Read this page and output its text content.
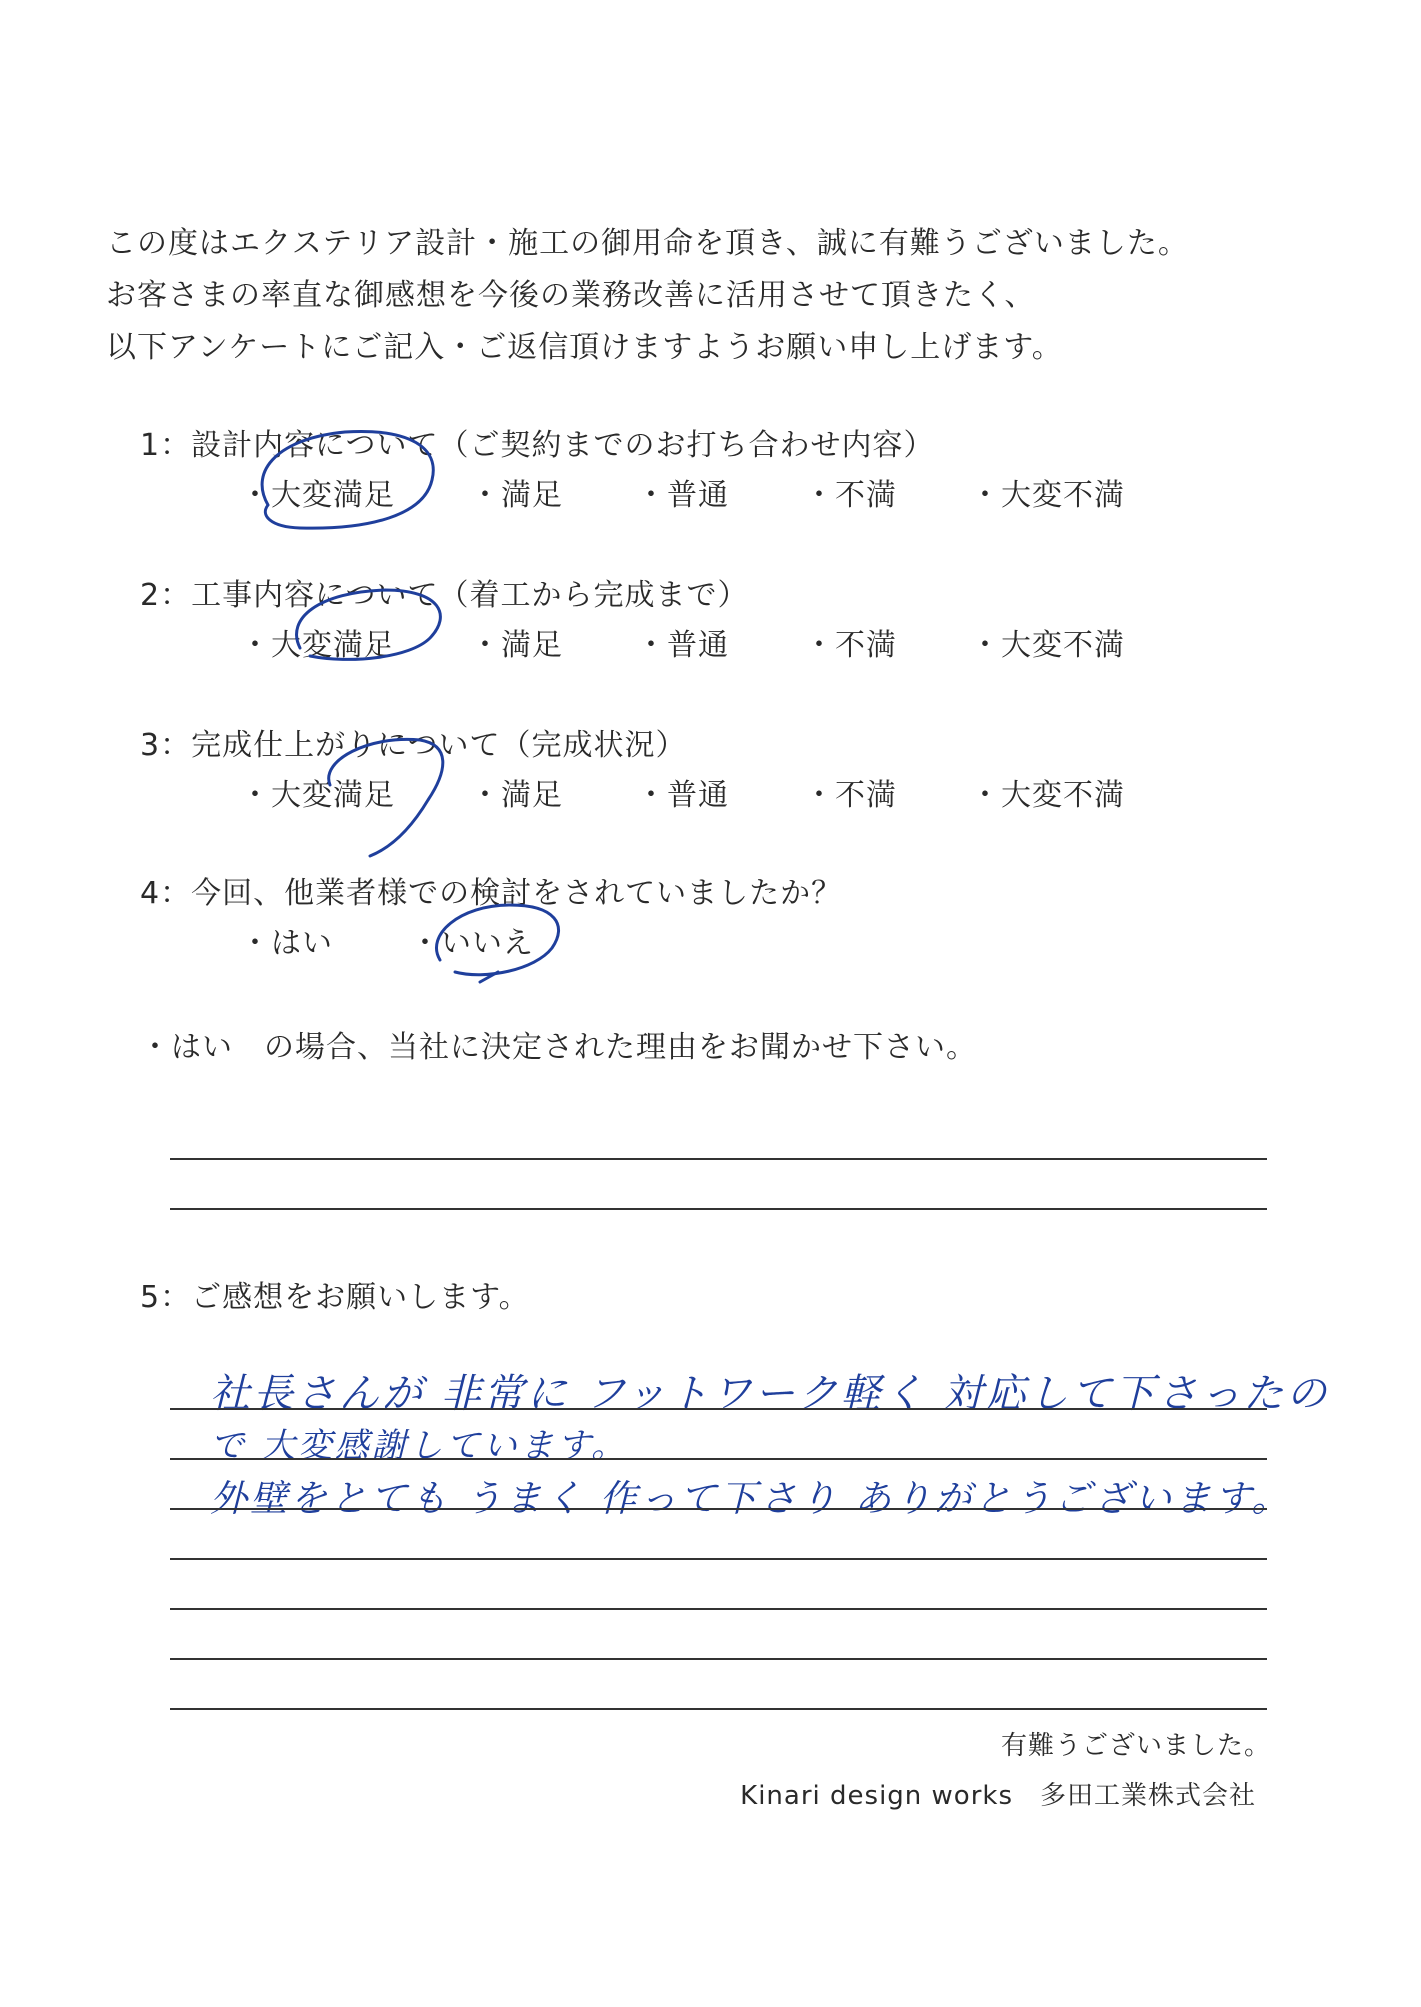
この度はエクステリア設計・施工の御用命を頂き、誠に有難うございました。
お客さまの率直な御感想を今後の業務改善に活用させて頂きたく、
以下アンケートにご記入・ご返信頂けますようお願い申し上げます。
1：設計内容について（ご契約までのお打ち合わせ内容）
・大変満足	・満足 ・普通	・不満 ・大変不満
2：工事内容について（着工から完成まで）
・大変満足	・満足 ・普通	・不満 ・大変不満
3：完成仕上がりについて（完成状況）
・大変満足	・満足 ・普通	・不満 ・大変不満
4：今回、他業者様での検討をされていましたか？
・はい	・いいえ
・はい　の場合、当社に決定された理由をお聞かせ下さい。
5：ご感想をお願いします。
社長さんが 非常に フットワーク軽く 対応して下さったの
で 大変感謝しています。
外壁をとても うまく 作って下さり ありがとうございます。
有難うございました。
Kinari design works　多田工業株式会社
